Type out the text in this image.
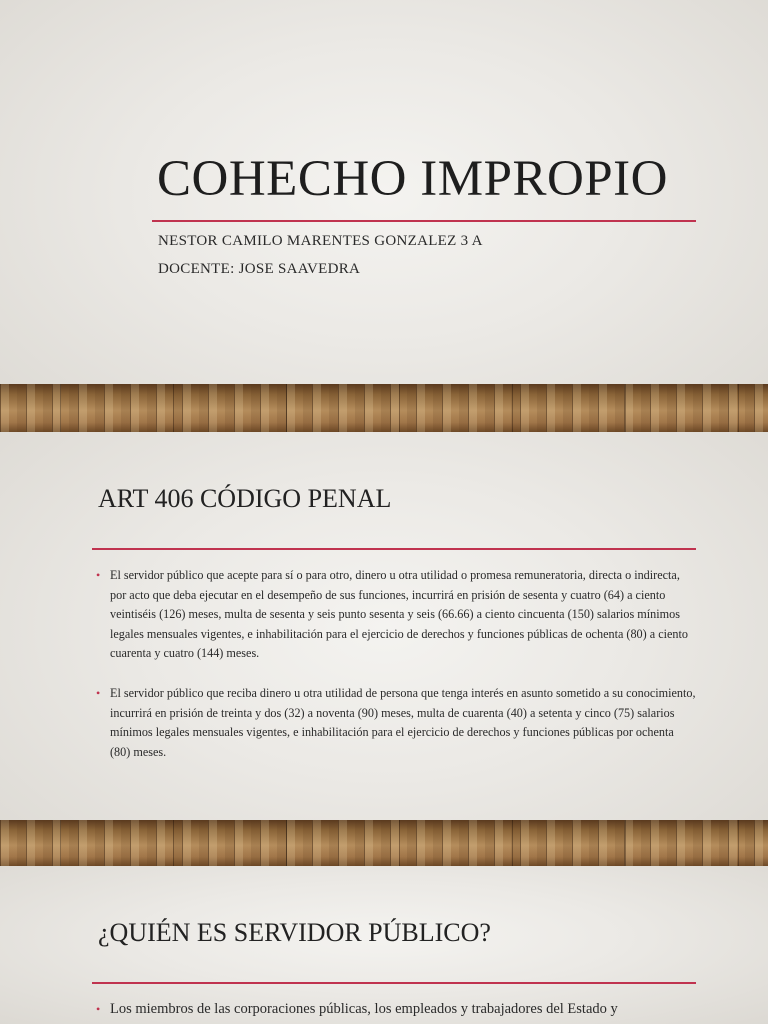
COHECHO IMPROPIO
NESTOR CAMILO MARENTES GONZALEZ 3 A
DOCENTE: JOSE SAAVEDRA
ART 406 CÓDIGO PENAL
• El servidor público que acepte para sí o para otro, dinero u otra utilidad o promesa remuneratoria, directa o indirecta, por acto que deba ejecutar en el desempeño de sus funciones, incurrirá en prisión de sesenta y cuatro (64) a ciento veintiséis (126) meses, multa de sesenta y seis punto sesenta y seis (66.66) a ciento cincuenta (150) salarios mínimos legales mensuales vigentes, e inhabilitación para el ejercicio de derechos y funciones públicas de ochenta (80) a ciento cuarenta y cuatro (144) meses.
• El servidor público que reciba dinero u otra utilidad de persona que tenga interés en asunto sometido a su conocimiento, incurrirá en prisión de treinta y dos (32) a noventa (90) meses, multa de cuarenta (40) a setenta y cinco (75) salarios mínimos legales mensuales vigentes, e inhabilitación para el ejercicio de derechos y funciones públicas por ochenta (80) meses.
¿QUIÉN ES SERVIDOR PÚBLICO?
• Los miembros de las corporaciones públicas, los empleados y trabajadores del Estado y
